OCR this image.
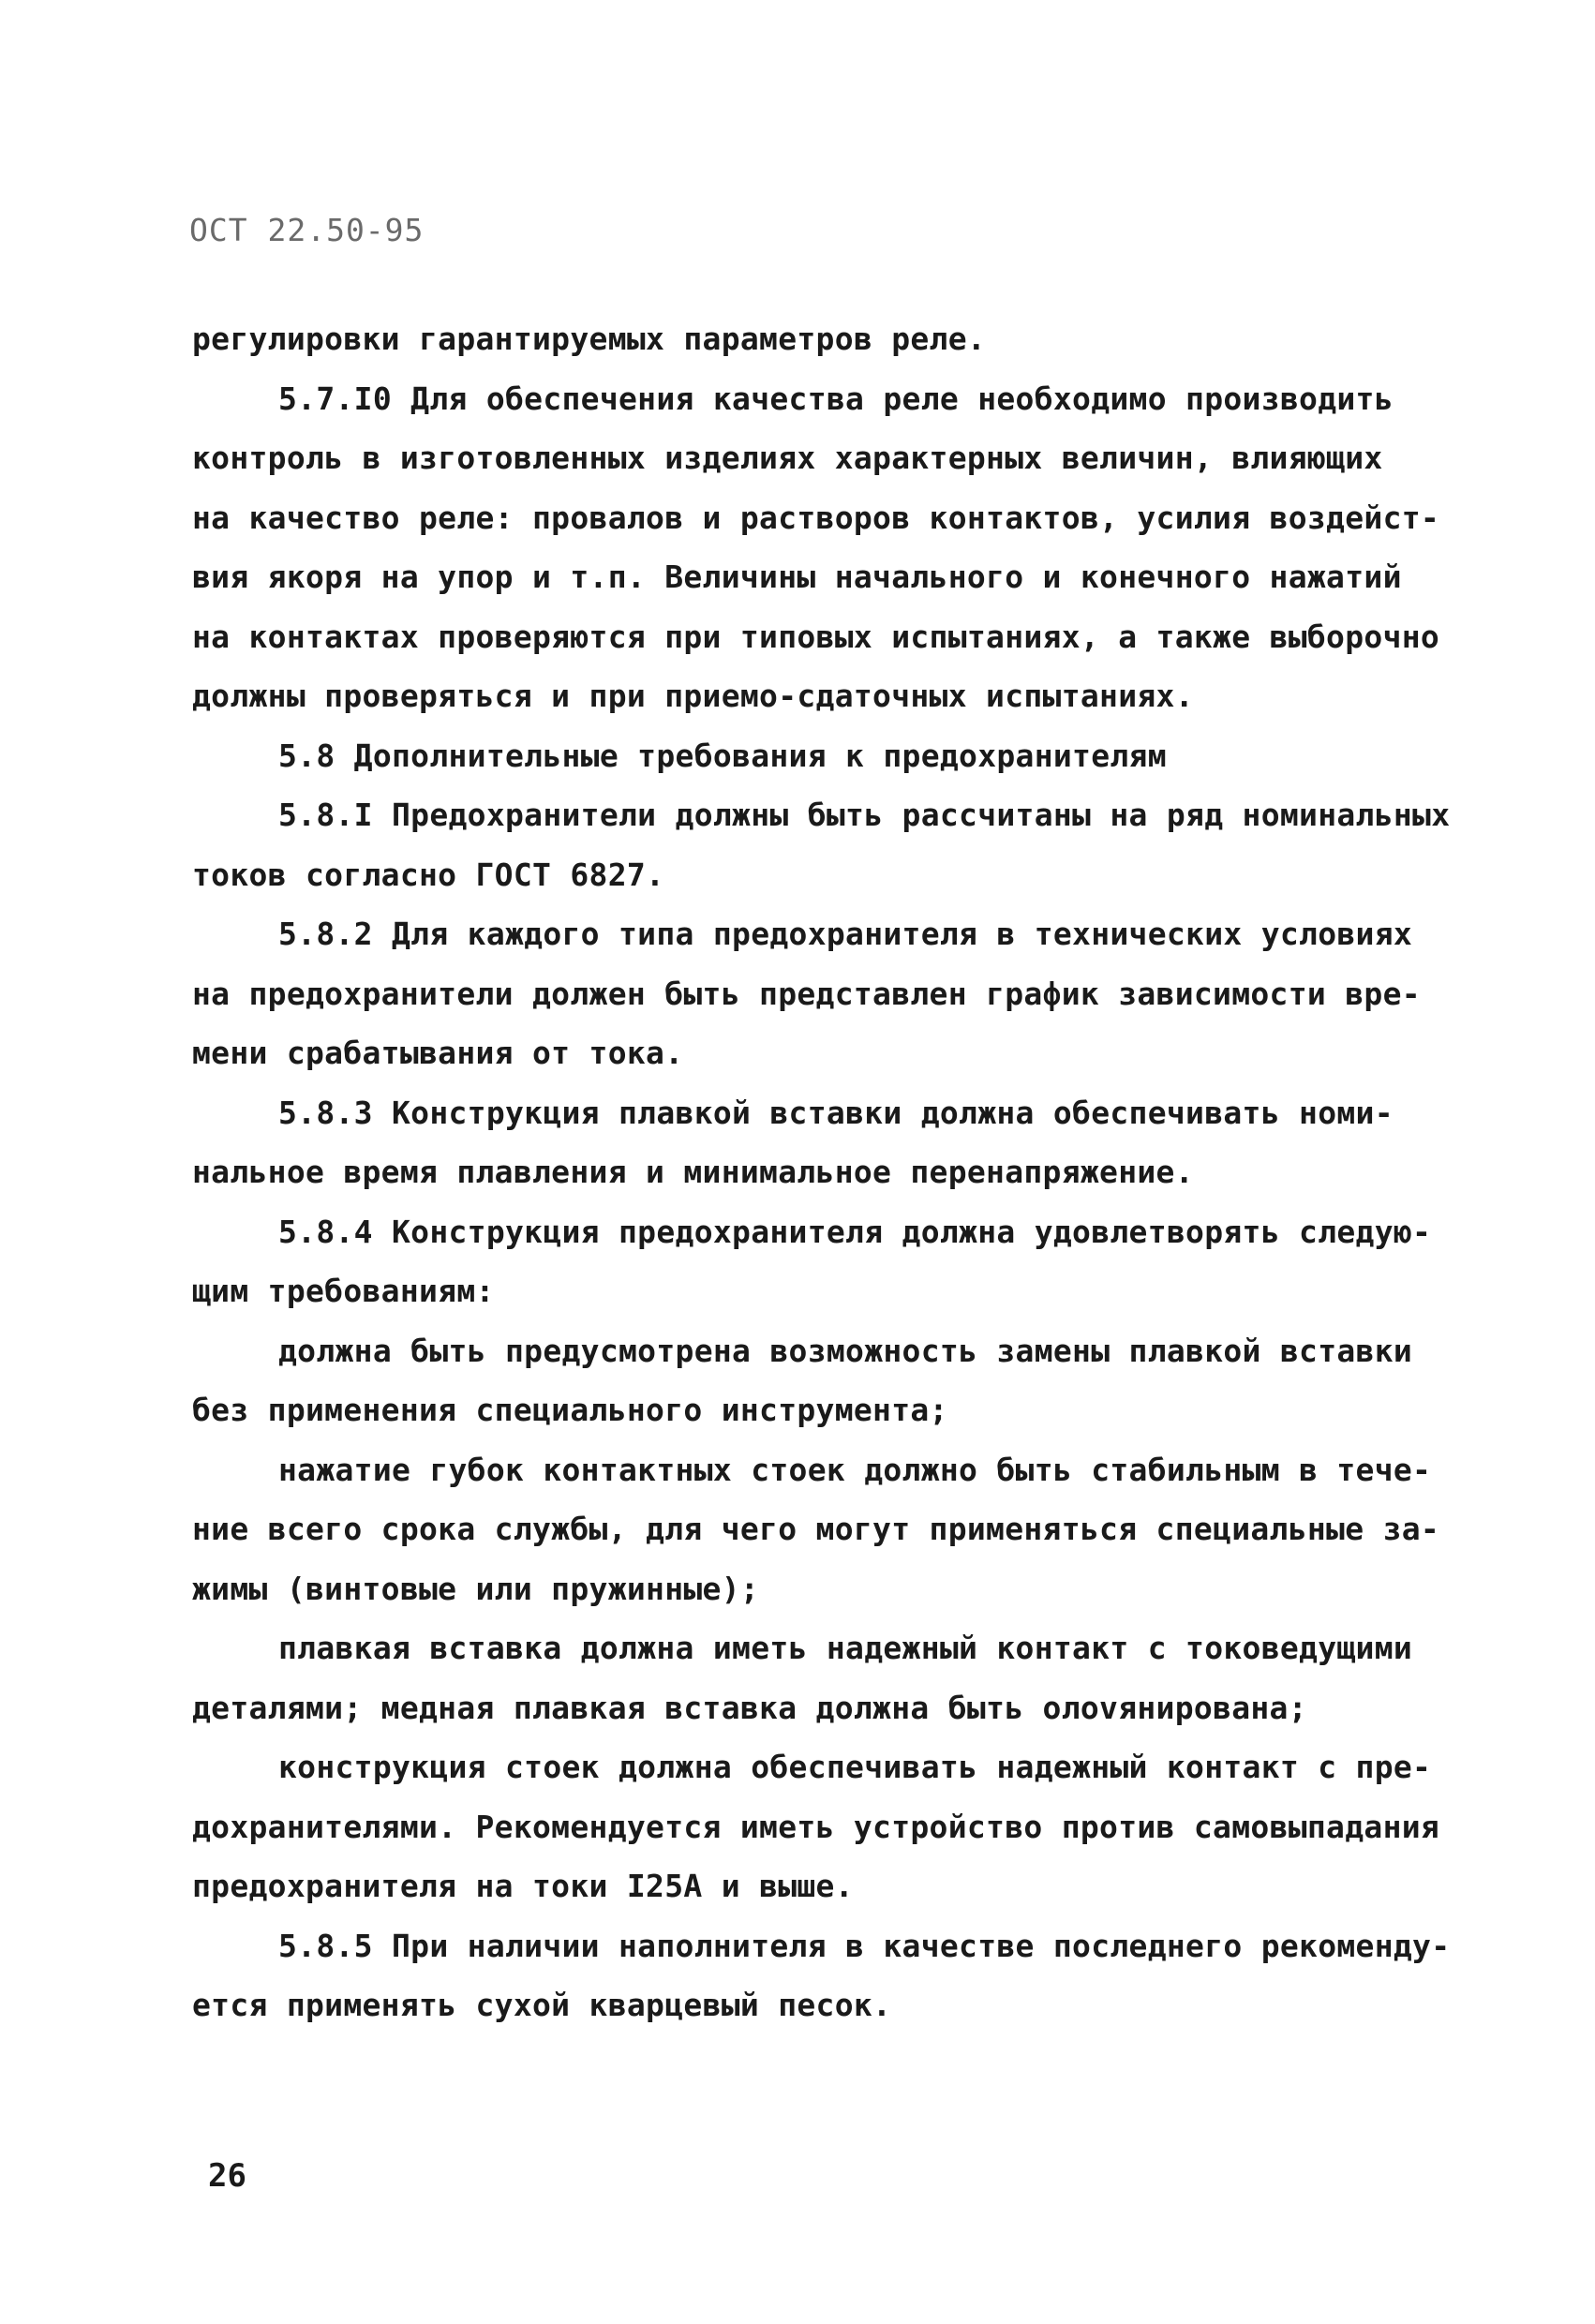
ОСТ 22.50-95
регулировки гарантируемых параметров реле.
5.7.I0 Для обеспечения качества реле необходимо производить
контроль в изготовленных изделиях характерных величин, влияющих
на качество реле: провалов и растворов контактов, усилия воздейст-
вия якоря на упор и т.п. Величины начального и конечного нажатий
на контактах проверяются при типовых испытаниях, а также выборочно
должны проверяться и при приемо-сдаточных испытаниях.
5.8 Дополнительные требования к предохранителям
5.8.I Предохранители должны быть рассчитаны на ряд номинальных
токов согласно ГОСТ 6827.
5.8.2 Для каждого типа предохранителя в технических условиях
на предохранители должен быть представлен график зависимости вре-
мени срабатывания от тока.
5.8.3 Конструкция плавкой вставки должна обеспечивать номи-
нальное время плавления и минимальное перенапряжение.
5.8.4 Конструкция предохранителя должна удовлетворять следую-
щим требованиям:
должна быть предусмотрена возможность замены плавкой вставки
без применения специального инструмента;
нажатие губок контактных стоек должно быть стабильным в тече-
ние всего срока службы, для чего могут применяться специальные за-
жимы (винтовые или пружинные);
плавкая вставка должна иметь надежный контакт с токоведущими
деталями; медная плавкая вставка должна быть олovянирована;
конструкция стоек должна обеспечивать надежный контакт с пре-
дохранителями. Рекомендуется иметь устройство против самовыпадания
предохранителя на токи I25A и выше.
5.8.5 При наличии наполнителя в качестве последнего рекоменду-
ется применять сухой кварцевый песок.
26
